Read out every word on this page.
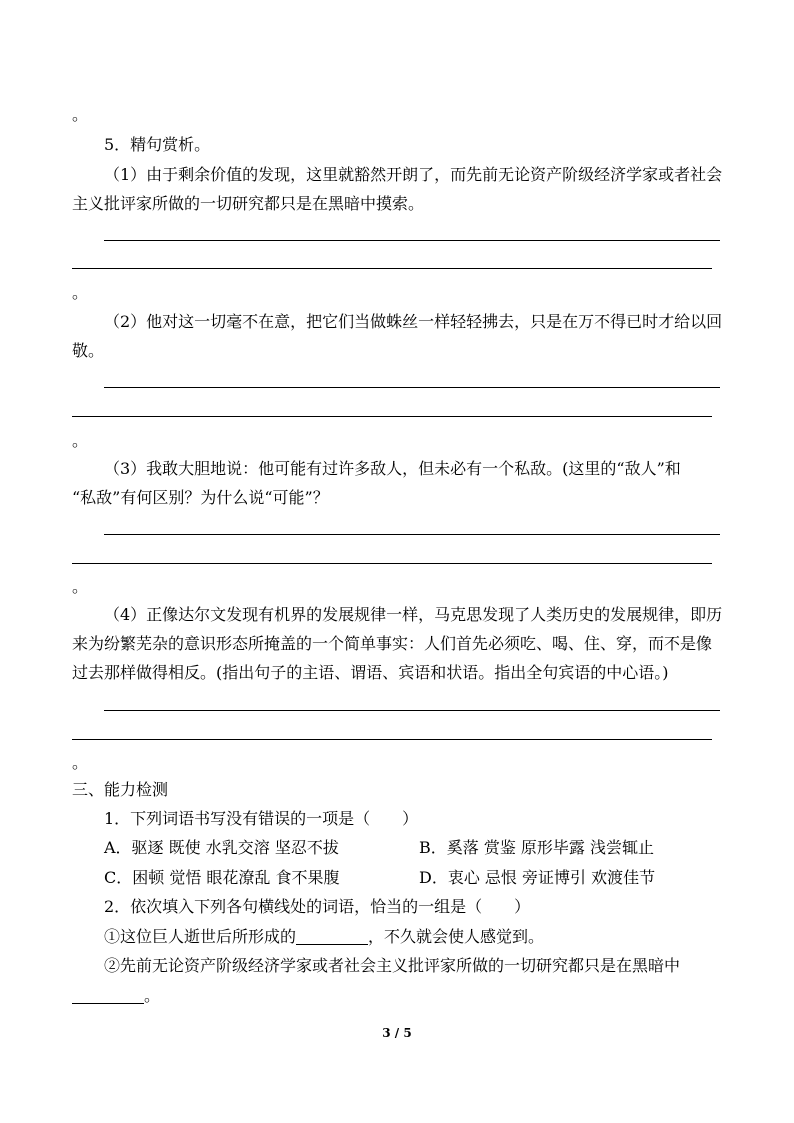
。
5．精句赏析。
（1）由于剩余价值的发现，这里就豁然开朗了，而先前无论资产阶级经济学家或者社会
主义批评家所做的一切研究都只是在黑暗中摸索。
。
（2）他对这一切毫不在意，把它们当做蛛丝一样轻轻拂去，只是在万不得已时才给以回
敬。
。
（3）我敢大胆地说：他可能有过许多敌人，但未必有一个私敌。(这里的“敌人”和
“私敌”有何区别？为什么说“可能”？
。
（4）正像达尔文发现有机界的发展规律一样，马克思发现了人类历史的发展规律，即历
来为纷繁芜杂的意识形态所掩盖的一个简单事实：人们首先必须吃、喝、住、穿，而不是像
过去那样做得相反。(指出句子的主语、谓语、宾语和状语。指出全句宾语的中心语。)
。
三、能力检测
1．下列词语书写没有错误的一项是（　　）
A．驱逐 既使 水乳交溶 坚忍不拔	B．奚落 赏鉴 原形毕露 浅尝辄止
C．困顿 觉悟 眼花潦乱 食不果腹	D．衷心 忌恨 旁证博引 欢渡佳节
2．依次填入下列各句横线处的词语，恰当的一组是（　　）
①这位巨人逝世后所形成的	，不久就会使人感觉到。
②先前无论资产阶级经济学家或者社会主义批评家所做的一切研究都只是在黑暗中
。
3 / 5
